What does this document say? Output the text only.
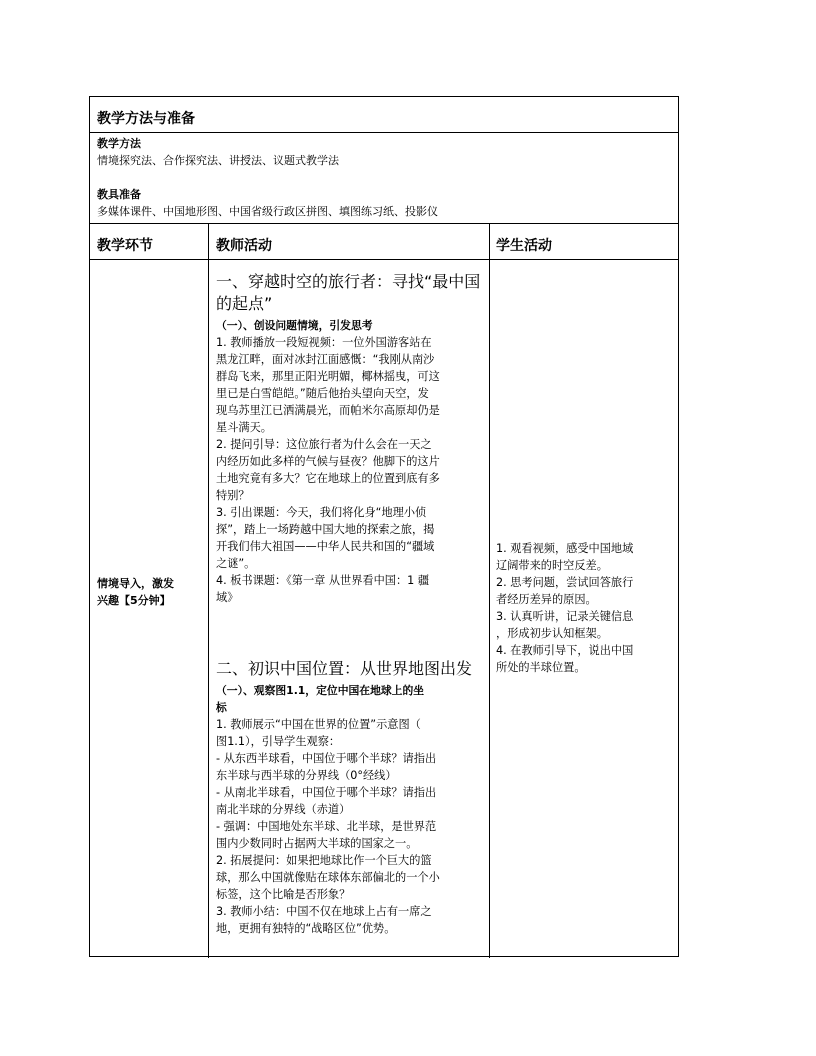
教学方法与准备
教学方法
情境探究法、合作探究法、讲授法、议题式教学法
教具准备
多媒体课件、中国地形图、中国省级行政区拼图、填图练习纸、投影仪
教学环节	教师活动	学生活动
情境导入，激发
兴趣【5分钟】
一、穿越时空的旅行者：寻找“最中国
的起点”
（一）、创设问题情境，引发思考

1. 教师播放一段短视频：一位外国游客站在

黑龙江畔，面对冰封江面感慨：“我刚从南沙

群岛飞来，那里正阳光明媚，椰林摇曳，可这

里已是白雪皑皑。”随后他抬头望向天空，发

现乌苏里江已洒满晨光，而帕米尔高原却仍是

星斗满天。

2. 提问引导：这位旅行者为什么会在一天之

内经历如此多样的气候与昼夜？他脚下的这片

土地究竟有多大？它在地球上的位置到底有多

特别？

3. 引出课题：今天，我们将化身“地理小侦

探”，踏上一场跨越中国大地的探索之旅，揭

开我们伟大祖国——中华人民共和国的“疆域

之谜”。

4. 板书课题：《第一章 从世界看中国：1 疆

域》

二、初识中国位置：从世界地图出发
（一）、观察图1.1，定位中国在地球上的坐
标

1. 教师展示“中国在世界的位置”示意图（

图1.1），引导学生观察：

- 从东西半球看，中国位于哪个半球？请指出

东半球与西半球的分界线（0°经线）

- 从南北半球看，中国位于哪个半球？请指出

南北半球的分界线（赤道）

- 强调：中国地处东半球、北半球，是世界范

围内少数同时占据两大半球的国家之一。

2. 拓展提问：如果把地球比作一个巨大的篮

球，那么中国就像贴在球体东部偏北的一个小

标签，这个比喻是否形象？

3. 教师小结：中国不仅在地球上占有一席之

地，更拥有独特的“战略区位”优势。

1. 观看视频，感受中国地域

辽阔带来的时空反差。

2. 思考问题，尝试回答旅行

者经历差异的原因。

3. 认真听讲，记录关键信息

，形成初步认知框架。

4. 在教师引导下，说出中国

所处的半球位置。
